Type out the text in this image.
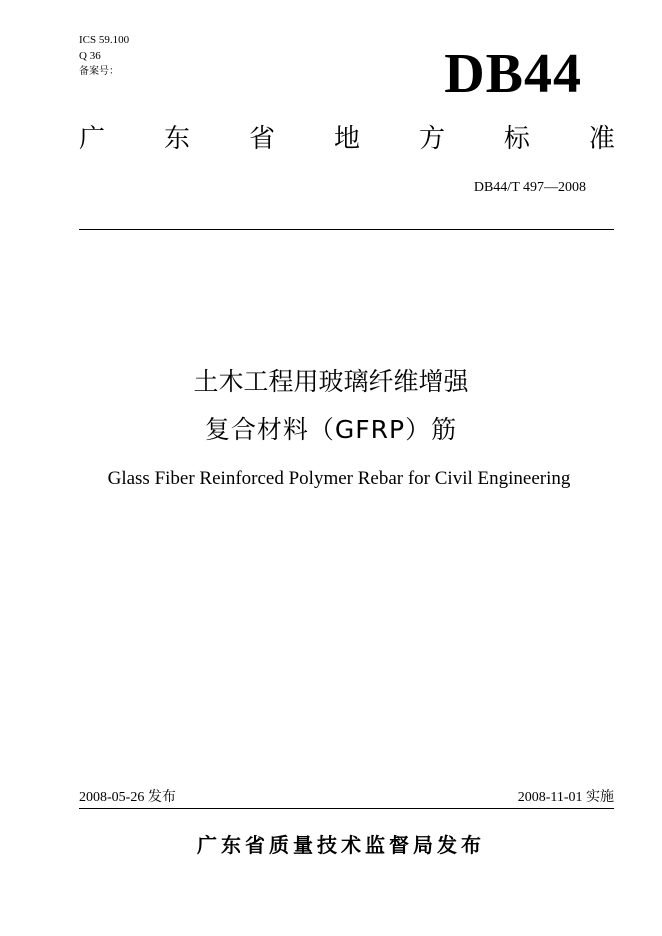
ICS 59.100
Q 36
备案号：	DB44
广 东 省 地 方 标 准
DB44/T 497—2008
土木工程用玻璃纤维增强
复合材料（GFRP）筋
Glass Fiber Reinforced Polymer Rebar for Civil Engineering
2008-05-26 发布	2008-11-01 实施
广东省质量技术监督局发布
